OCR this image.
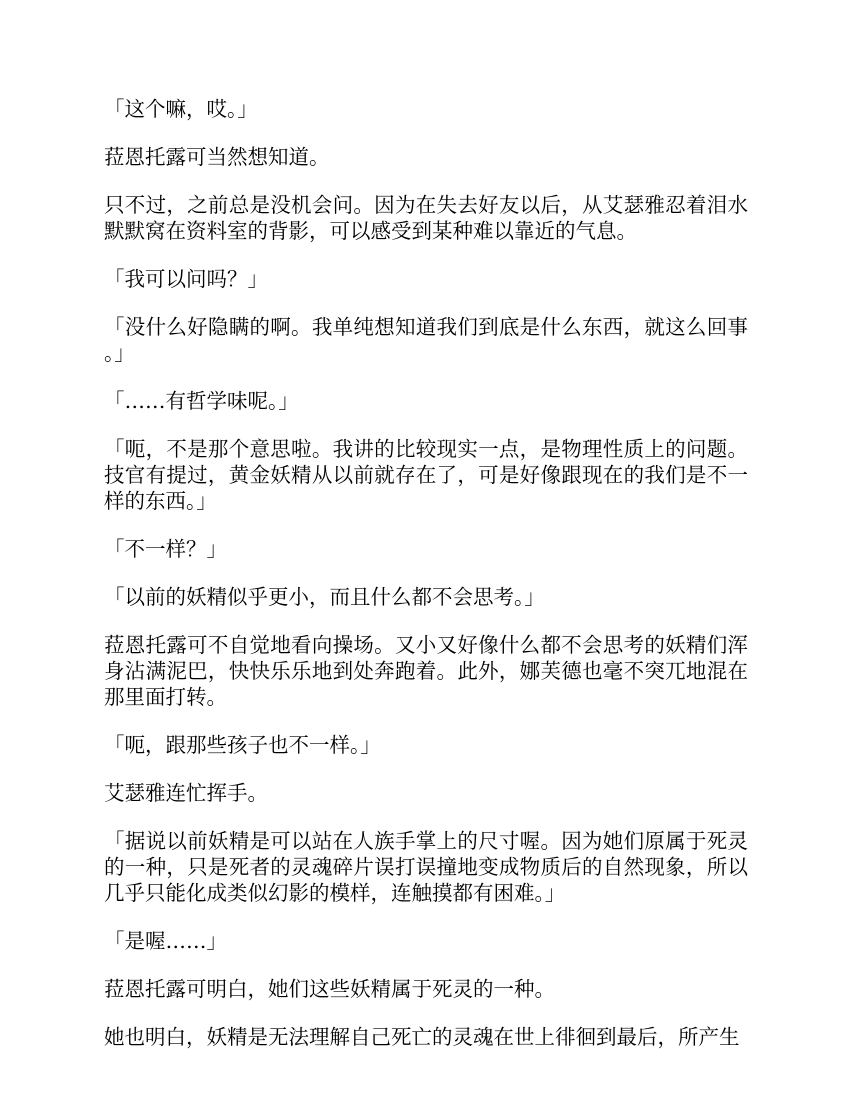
「这个嘛，哎。」

菈恩托露可当然想知道。

只不过，之前总是没机会问。因为在失去好友以后，从艾瑟雅忍着泪水默默窝在资料室的背影，可以感受到某种难以靠近的气息。

「我可以问吗？」

「没什么好隐瞒的啊。我单纯想知道我们到底是什么东西，就这么回事。」

「……有哲学味呢。」

「呃，不是那个意思啦。我讲的比较现实一点，是物理性质上的问题。技官有提过，黄金妖精从以前就存在了，可是好像跟现在的我们是不一样的东西。」

「不一样？」

「以前的妖精似乎更小，而且什么都不会思考。」

菈恩托露可不自觉地看向操场。又小又好像什么都不会思考的妖精们浑身沾满泥巴，快快乐乐地到处奔跑着。此外，娜芙德也毫不突兀地混在那里面打转。

「呃，跟那些孩子也不一样。」

艾瑟雅连忙挥手。

「据说以前妖精是可以站在人族手掌上的尺寸喔。因为她们原属于死灵的一种，只是死者的灵魂碎片误打误撞地变成物质后的自然现象，所以几乎只能化成类似幻影的模样，连触摸都有困难。」

「是喔……」

菈恩托露可明白，她们这些妖精属于死灵的一种。

她也明白，妖精是无法理解自己死亡的灵魂在世上徘徊到最后，所产生
